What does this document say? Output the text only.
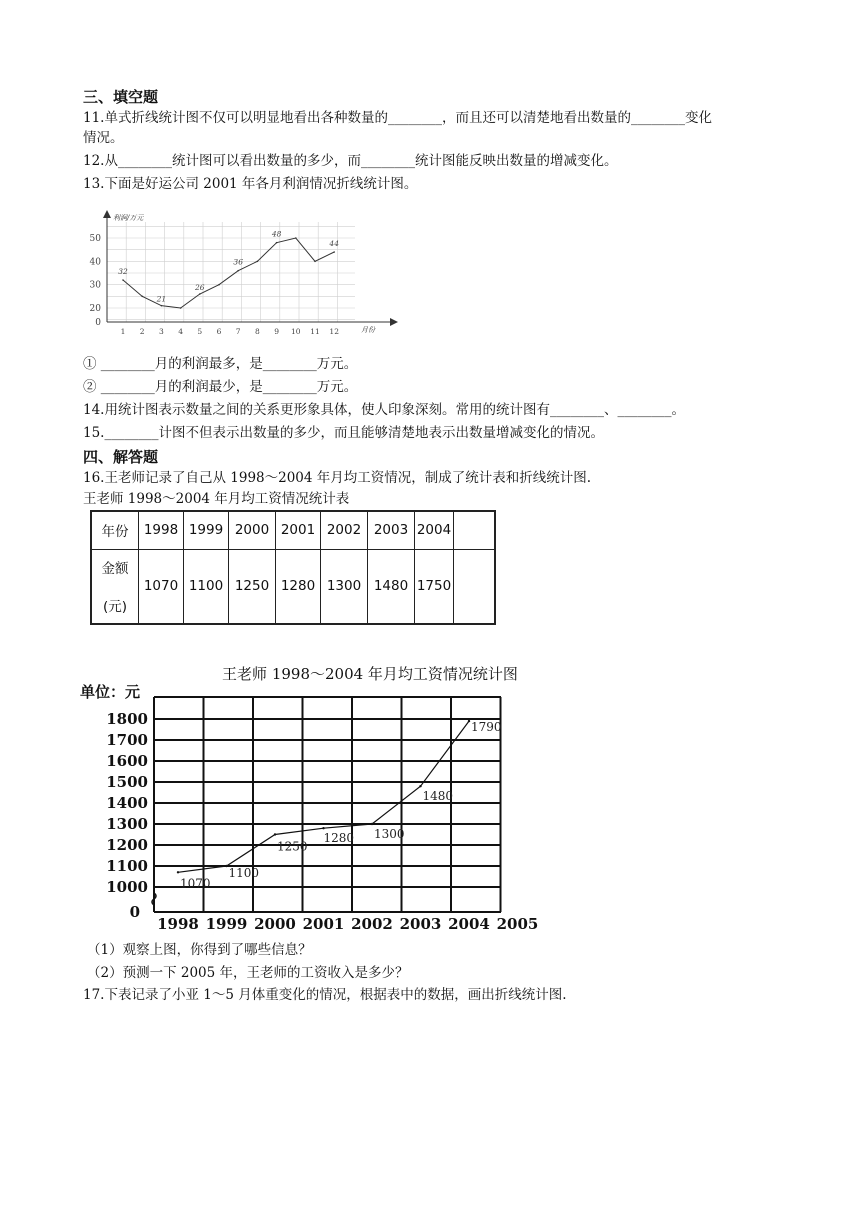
三、填空题
11.单式折线统计图不仅可以明显地看出各种数量的________，而且还可以清楚地看出数量的________变化
情况。
12.从________统计图可以看出数量的多少，而________统计图能反映出数量的增减变化。
13.下面是好运公司 2001 年各月利润情况折线统计图。
利润/万元
月份
20
30
40
50
0
1 2 3 4 5 6 7 8 9 10 11 12
32
21
26
36
48
44
① ________月的利润最多，是________万元。
② ________月的利润最少，是________万元。
14.用统计图表示数量之间的关系更形象具体，使人印象深刻。常用的统计图有________、________。
15.________计图不但表示出数量的多少，而且能够清楚地表示出数量增减变化的情况。
四、解答题
16.王老师记录了自己从 1998～2004 年月均工资情况，制成了统计表和折线统计图.
王老师 1998～2004 年月均工资情况统计表
年份	1998	1999	2000	2001	2002	2003	2004	

金额
(元)	1070	1100	1250	1280	1300	1480	1750	
王老师 1998～2004 年月均工资情况统计图
单位：元
1000
1100
1200
1300
1400
1500
1600
1700
1800
0
1998 1999 2000 2001 2002 2003 2004 2005
1070
1100
1250
1280 1300
1480
1790
（1）观察上图，你得到了哪些信息？
（2）预测一下 2005 年，王老师的工资收入是多少？
17.下表记录了小亚 1～5 月体重变化的情况，根据表中的数据，画出折线统计图.
